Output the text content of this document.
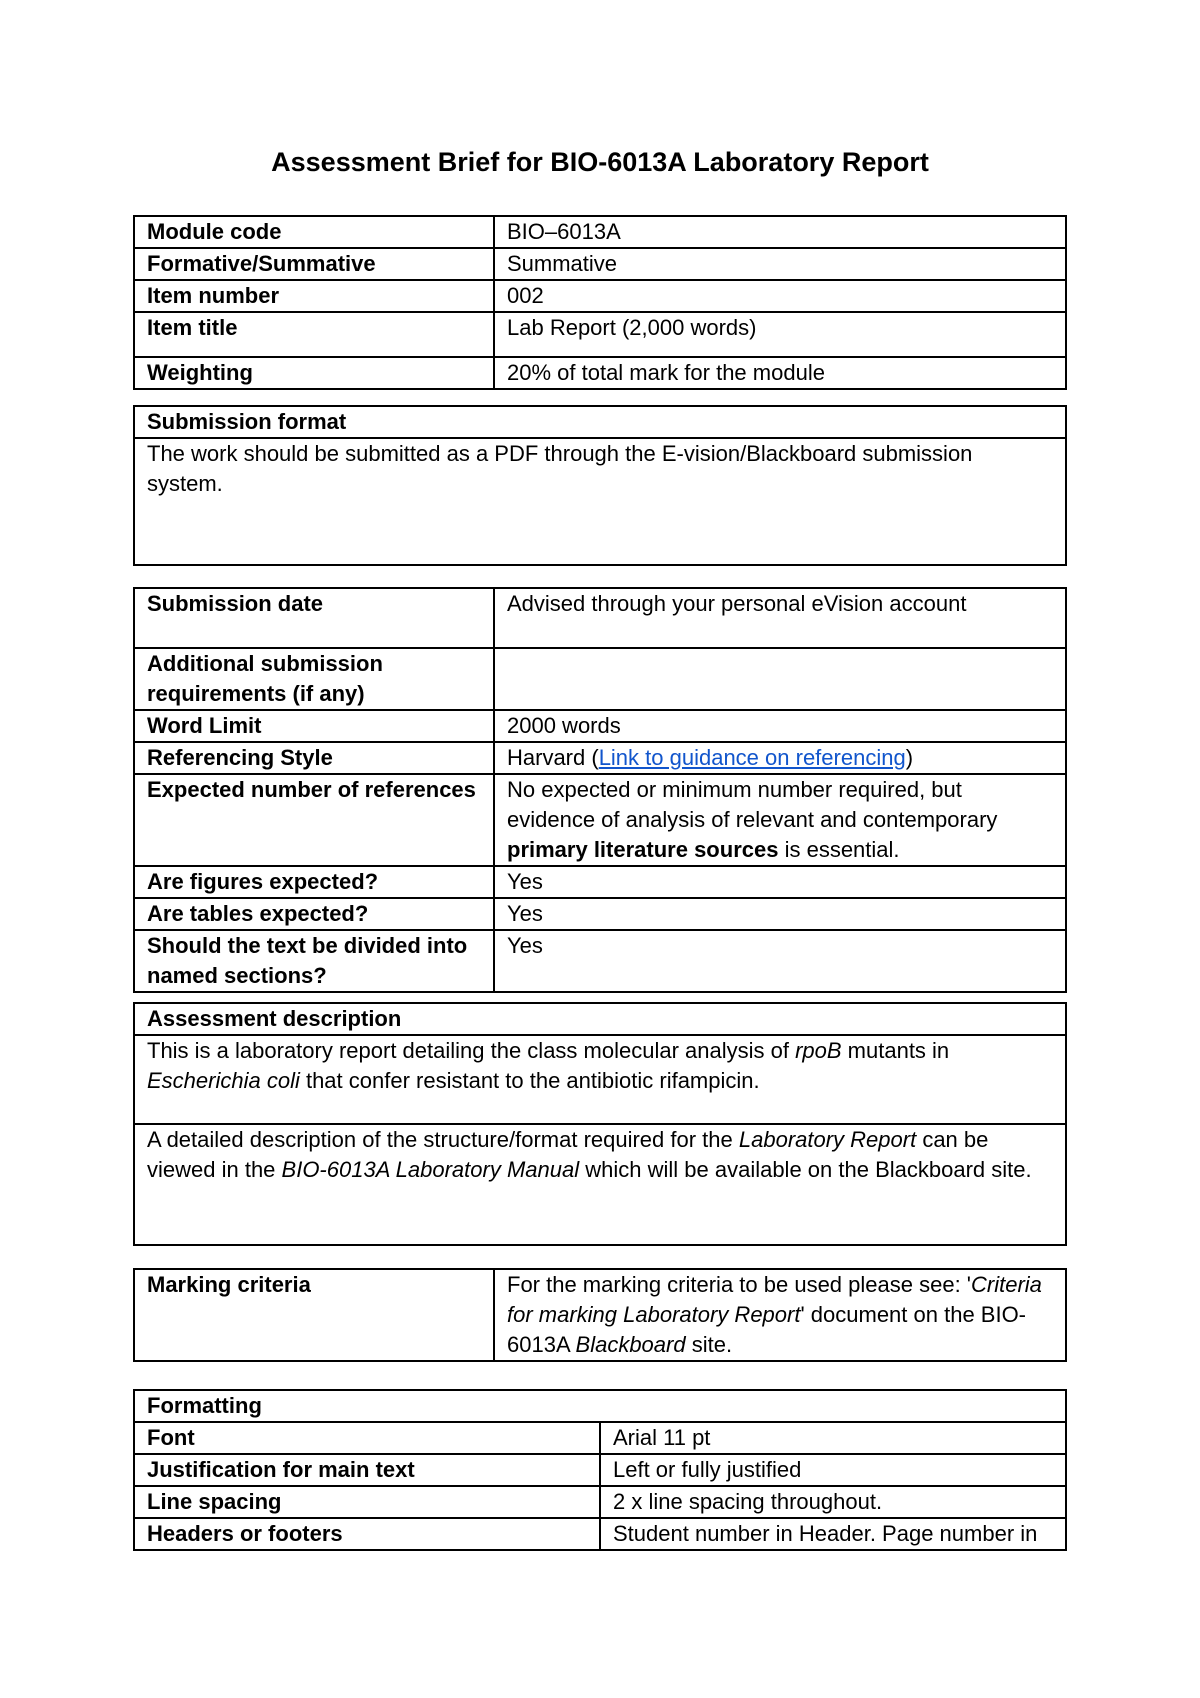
Assessment Brief for BIO-6013A Laboratory Report
Module code	BIO–6013A
Formative/Summative	Summative
Item number	002
Item title	Lab Report (2,000 words)
Weighting	20% of total mark for the module
Submission format
The work should be submitted as a PDF through the E-vision/Blackboard submission system.
Submission date	Advised through your personal eVision account
Additional submission requirements (if any)	
Word Limit	2000 words
Referencing Style	Harvard (Link to guidance on referencing)
Expected number of references	No expected or minimum number required, but evidence of analysis of relevant and contemporary primary literature sources is essential.
Are figures expected?	Yes
Are tables expected?	Yes
Should the text be divided into named sections?	Yes
Assessment description
This is a laboratory report detailing the class molecular analysis of rpoB mutants in Escherichia coli that confer resistant to the antibiotic rifampicin.
A detailed description of the structure/format required for the Laboratory Report can be viewed in the BIO-6013A Laboratory Manual which will be available on the Blackboard site.
Marking criteria	For the marking criteria to be used please see: 'Criteria for marking Laboratory Report' document on the BIO-6013A Blackboard site.
Formatting	
Font	Arial 11 pt
Justification for main text	Left or fully justified
Line spacing	2 x line spacing throughout.
Headers or footers	Student number in Header. Page number in
